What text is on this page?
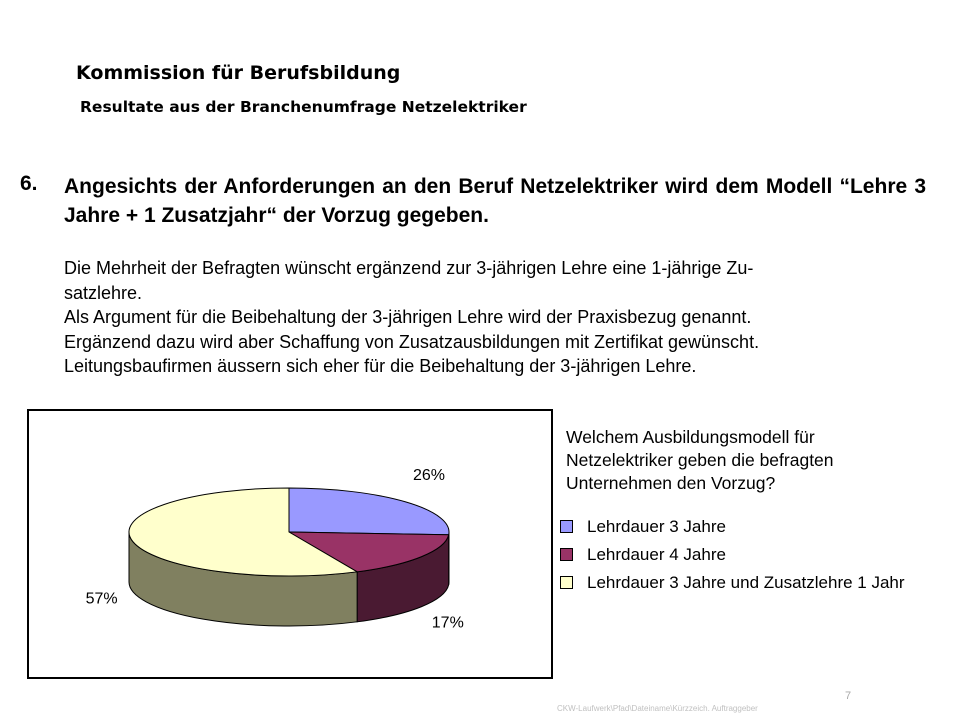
Kommission für Berufsbildung
Resultate aus der Branchenumfrage Netzelektriker
6. Angesichts der Anforderungen an den Beruf Netzelektriker wird dem Modell “Lehre 3 Jahre + 1 Zusatzjahr“ der Vorzug gegeben.

Die Mehrheit der Befragten wünscht ergänzend zur 3-jährigen Lehre eine 1-jährige Zu-
satzlehre.
Als Argument für die Beibehaltung der 3-jährigen Lehre wird der Praxisbezug genannt.
Ergänzend dazu wird aber Schaffung von Zusatzausbildungen mit Zertifikat gewünscht.
Leitungsbaufirmen äussern sich eher für die Beibehaltung der 3-jährigen Lehre.
26%
17%
57%

Welchem Ausbildungsmodell für Netzelektriker geben die befragten Unternehmen den Vorzug?

Lehrdauer 3 Jahre
Lehrdauer 4 Jahre
Lehrdauer 3 Jahre und Zusatzlehre 1 Jahr
CKW-Laufwerk\Pfad\Dateiname\Kürzzeich. Auftraggeber
7
